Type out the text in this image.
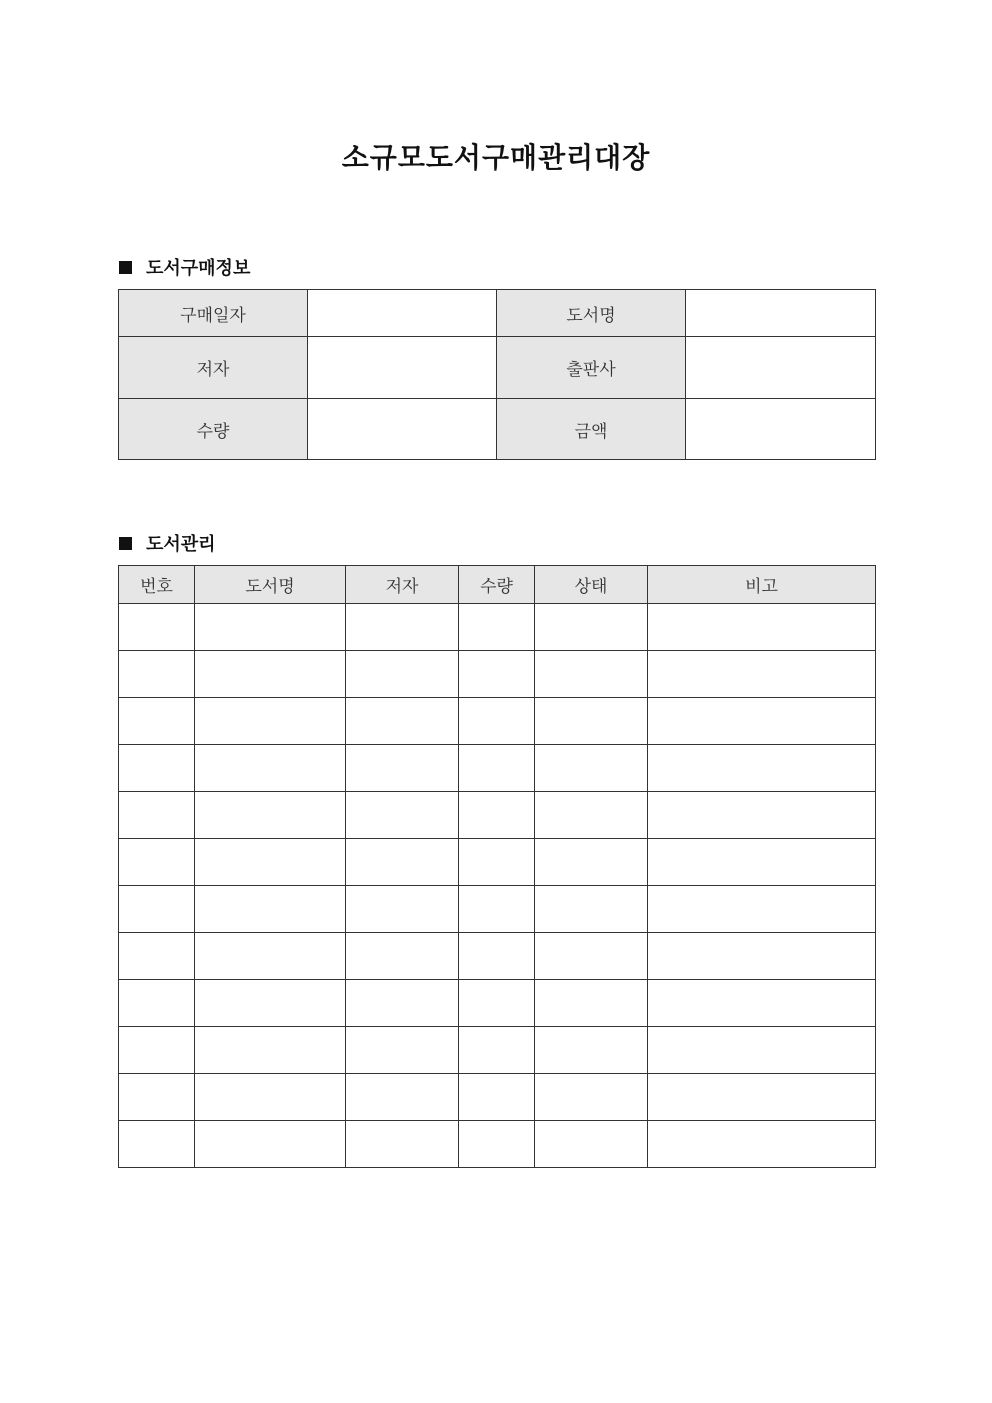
소규모도서구매관리대장
도서구매정보
구매일자		도서명	
저자		출판사	
수량		금액	
도서관리
번호	도서명	저자	수량	상태	비고
